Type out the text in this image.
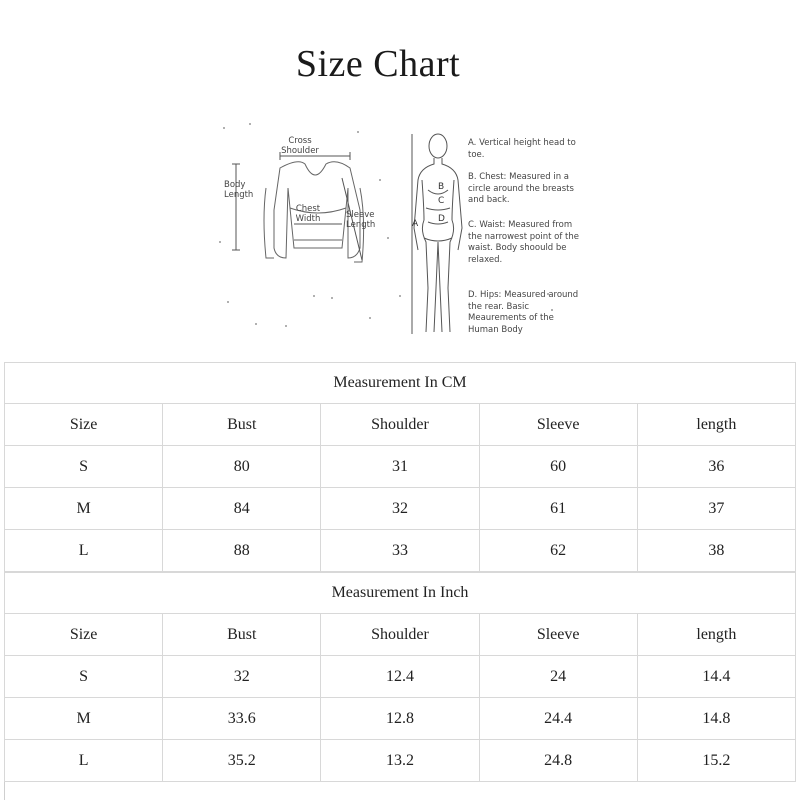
Size Chart
Cross
Shoulder
Body
Length
Chest
Width	Sleeve
Length	A
B
C
D
A. Vertical height head to toe.
B. Chest: Measured in a circle around the breasts and back.
C. Waist: Measured from the narrowest point of the waist. Body shoould be relaxed.
D. Hips: Measured around the rear. Basic Meaurements of the Human Body
Measurement In CM				
Size	Bust	Shoulder	Sleeve	length
S	80	31	60	36
M	84	32	61	37
L	88	33	62	38
Measurement In Inch				
Size	Bust	Shoulder	Sleeve	length
S	32	12.4	24	14.4
M	33.6	12.8	24.4	14.8
L	35.2	13.2	24.8	15.2
